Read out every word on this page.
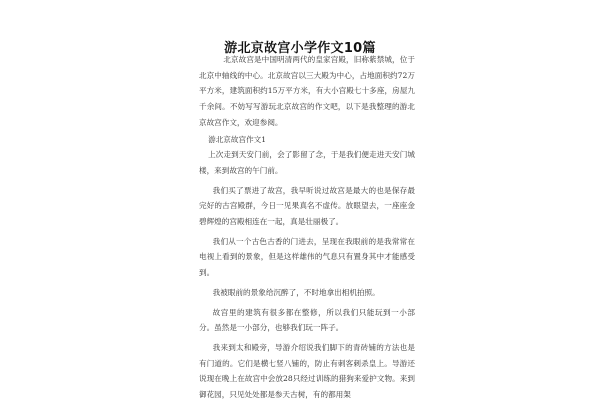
游北京故宫小学作文10篇

北京故宫是中国明清两代的皇家宫殿，旧称紫禁城，位于北京中轴线的中心。北京故宫以三大殿为中心，占地面积约72万平方米，建筑面积约15万平方米，有大小宫殿七十多座，房屋九千余间。不妨写写游玩北京故宫的作文吧，以下是我整理的游北京故宫作文，欢迎参阅。

游北京故宫作文1

上次走到天安门前，会了影留了念，于是我们便走进天安门城楼，来到故宫的午门前。

我们买了票进了故宫，我早听说过故宫是最大的也是保存最完好的古宫殿群，今日一见果真名不虚传。放眼望去，一座座金碧辉煌的宫殿相连在一起，真是壮丽极了。

我们从一个古色古香的门进去，呈现在我眼前的是我常常在电视上看到的景象，但是这样雄伟的气息只有置身其中才能感受到。

我被眼前的景象给沉醉了，不时地拿出相机拍照。

故宫里的建筑有很多都在整修，所以我们只能玩到一小部分。虽然是一小部分，也够我们玩一阵子。

我来到太和殿旁，导游介绍说我们脚下的青砖铺的方法也是有门道的。它们是横七竖八铺的，防止有刺客刺杀皇上。导游还说现在晚上在故宫中会放28只经过训练的猎狗来爱护文物。来到御花园，只见处处都是参天古树，有的都用架
